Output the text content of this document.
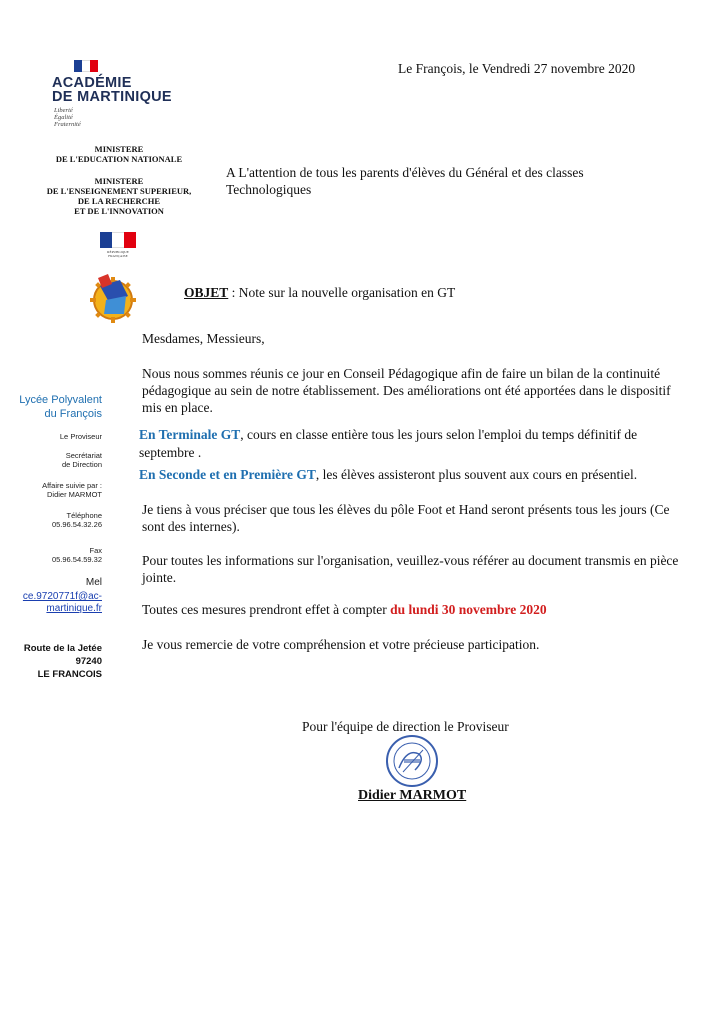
ACADÉMIE
DE MARTINIQUE
Liberté
Égalité
Fraternité
MINISTERE
DE L'EDUCATION NATIONALE
MINISTERE
DE L'ENSEIGNEMENT SUPERIEUR,
DE LA RECHERCHE
ET DE L'INNOVATION
RÉPUBLIQUE FRANÇAISE
Lycée Polyvalent
du François
Le Proviseur
Secrétariat
de Direction
Affaire suivie par :
Didier MARMOT
Téléphone
05.96.54.32.26
Fax
05.96.54.59.32
Mel
ce.9720771f@ac-
martinique.fr
Route de la Jetée
97240
LE FRANCOIS
Le François, le Vendredi 27 novembre 2020
A L'attention de tous les parents d'élèves du Général et des classes Technologiques
OBJET : Note sur la nouvelle organisation en GT
Mesdames, Messieurs,
Nous nous sommes réunis ce jour en Conseil Pédagogique afin de faire un bilan de la continuité pédagogique au sein de notre établissement. Des améliorations ont été apportées dans le dispositif mis en place.
En Terminale GT, cours en classe entière tous les jours selon l'emploi du temps définitif de septembre .
En Seconde et en Première GT, les élèves assisteront plus souvent aux cours en présentiel.
Je tiens à vous préciser que tous les élèves du pôle Foot et Hand seront présents tous les jours (Ce sont des internes).
Pour toutes les informations sur l'organisation, veuillez-vous référer au document transmis en pièce jointe.
Toutes ces mesures prendront effet à compter du lundi 30 novembre 2020
Je vous remercie de votre compréhension et votre précieuse participation.
Pour l'équipe de direction le Proviseur
Didier MARMOT
